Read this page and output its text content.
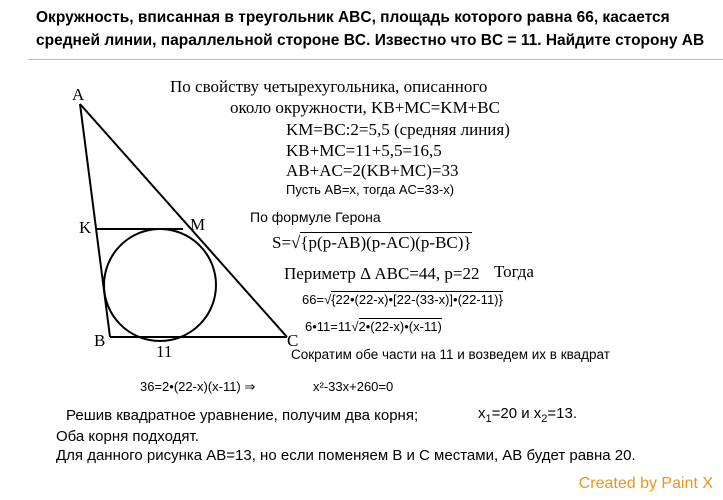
Окружность, вписанная в треугольник ABC, площадь которого равна 66, касается
средней линии, параллельной стороне BC. Известно что BC = 11. Найдите сторону AB
A
K	M
B	C
11
По свойству четырехугольника, описанного
около окружности, KB+MC=KM+BC
KM=BC:2=5,5 (средняя линия)
KB+MC=11+5,5=16,5
AB+AC=2(KB+MC)=33
Пусть AB=x, тогда AC=33-x)
По формуле Герона
S=√{p(p-AB)(p-AC)(p-BC)}
Периметр Δ ABC=44, p=22 Тогда
66=√{22•(22-x)•[22-(33-x)]•(22-11)}
6•11=11√2•(22-x)•(x-11)
Сократим обе части на 11 и возведем их в квадрат
36=2•(22-x)(x-11) ⇒	x²-33x+260=0
Решив квадратное уравнение, получим два корня;	$x_1=20$ и $x_2=13$.
Оба корня подходят.
Для данного рисунка AB=13, но если поменяем B и C местами, AB будет равна 20.
Created by Paint X
